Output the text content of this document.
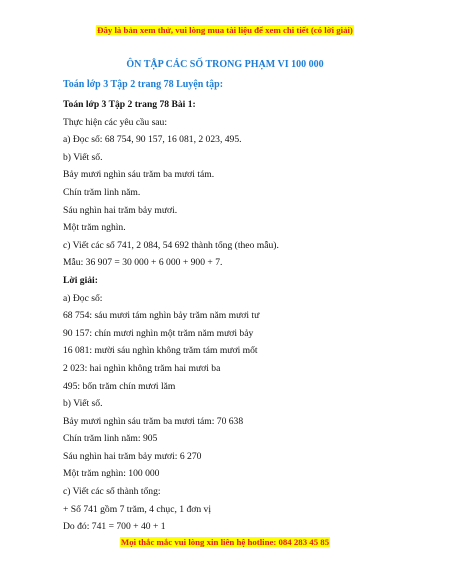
Đây là bản xem thử, vui lòng mua tài liệu để xem chi tiết (có lời giải)
ÔN TẬP CÁC SỐ TRONG PHẠM VI 100 000
Toán lớp 3 Tập 2 trang 78 Luyện tập:
Toán lớp 3 Tập 2 trang 78 Bài 1:
Thực hiện các yêu cầu sau:
a) Đọc số: 68 754, 90 157, 16 081, 2 023, 495.
b) Viết số.
Bảy mươi nghìn sáu trăm ba mươi tám.
Chín trăm linh năm.
Sáu nghìn hai trăm bảy mươi.
Một trăm nghìn.
c) Viết các số 741, 2 084, 54 692 thành tổng (theo mẫu).
Mẫu: 36 907 = 30 000 + 6 000 + 900 + 7.
Lời giải:
a) Đọc số:
68 754: sáu mươi tám nghìn bảy trăm năm mươi tư
90 157: chín mươi nghìn một trăm năm mươi bảy
16 081: mười sáu nghìn không trăm tám mươi mốt
2 023: hai nghìn không trăm hai mươi ba
495: bốn trăm chín mươi lăm
b) Viết số.
Bảy mươi nghìn sáu trăm ba mươi tám: 70 638
Chín trăm linh năm: 905
Sáu nghìn hai trăm bảy mươi: 6 270
Một trăm nghìn: 100 000
c) Viết các số thành tổng:
+ Số 741 gồm 7 trăm, 4 chục, 1 đơn vị
Do đó: 741 = 700 + 40 + 1
Mọi thắc mắc vui lòng xin liên hệ hotline: 084 283 45 85
